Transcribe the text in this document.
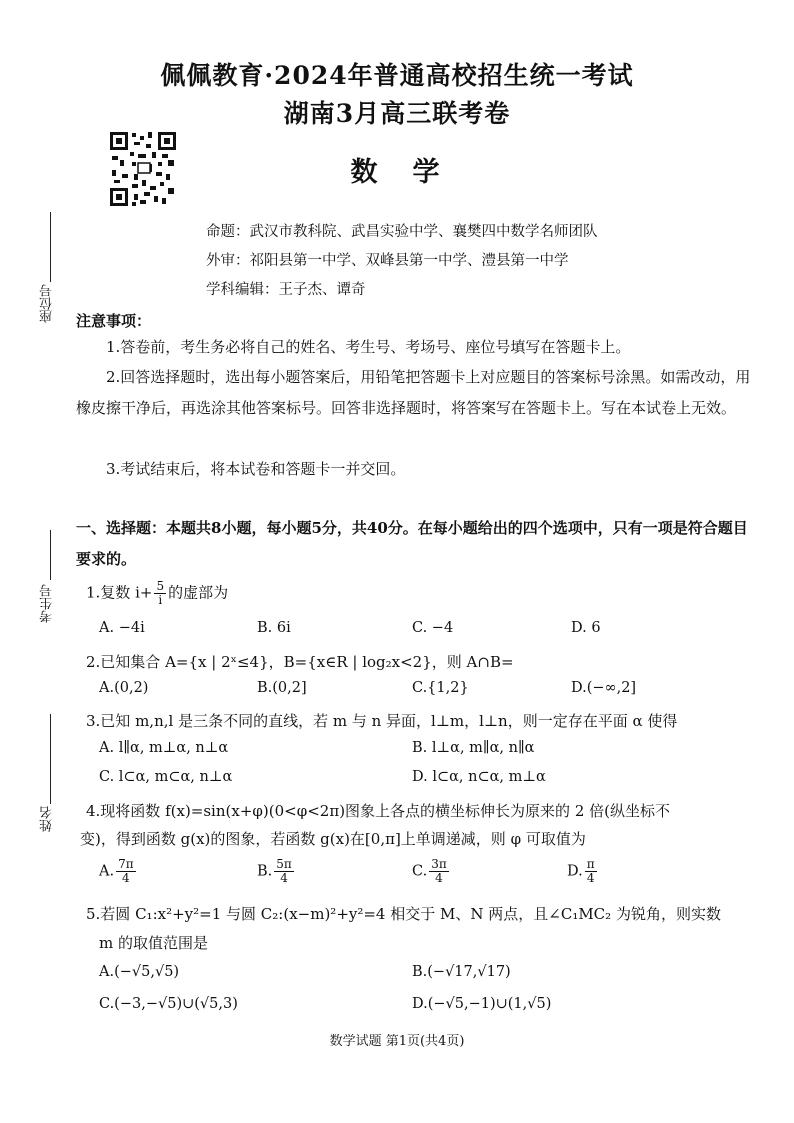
佩佩教育·2024年普通高校招生统一考试
湖南3月高三联考卷
数　学
命题：武汉市教科院、武昌实验中学、襄樊四中数学名师团队
外审：祁阳县第一中学、双峰县第一中学、澧县第一中学
学科编辑：王子杰、谭奇
座位号
考生号
姓名
注意事项：
1.答卷前，考生务必将自己的姓名、考生号、考场号、座位号填写在答题卡上。
2.回答选择题时，选出每小题答案后，用铅笔把答题卡上对应题目的答案标号涂黑。如需改动，用橡皮擦干净后，再选涂其他答案标号。回答非选择题时，将答案写在答题卡上。写在本试卷上无效。
3.考试结束后，将本试卷和答题卡一并交回。
一、选择题：本题共8小题，每小题5分，共40分。在每小题给出的四个选项中，只有一项是符合题目要求的。
1.复数 $i+ \frac{5}{i}$ 的虚部为
A. −4i	B. 6i	C. −4	D. 6
2.已知集合 A={x | 2ˣ≤4}，B={x∈R | log₂x<2}，则 A∩B=
A.(0,2)	B.(0,2]	C.{1,2}	D.(−∞,2]
3.已知 m,n,l 是三条不同的直线，若 m 与 n 异面，l⊥m，l⊥n，则一定存在平面 α 使得
A. l∥α, m⊥α, n⊥α	B. l⊥α, m∥α, n∥α
C. l⊂α, m⊂α, n⊥α	D. l⊂α, n⊂α, m⊥α
4.现将函数 f(x)=sin(x+φ)(0<φ<2π)图象上各点的横坐标伸长为原来的 2 倍(纵坐标不
变)，得到函数 g(x)的图象，若函数 g(x)在[0,π]上单调递减，则 φ 可取值为
A. $\frac{7\pi}{4}$	B. $\frac{5\pi}{4}$	C. $\frac{3\pi}{4}$	D. $\frac{\pi}{4}$
5.若圆 C₁:x²+y²=1 与圆 C₂:(x−m)²+y²=4 相交于 M、N 两点，且∠C₁MC₂ 为锐角，则实数
m 的取值范围是
A.(−√5,√5)	B.(−√17,√17)
C.(−3,−√5)∪(√5,3)	D.(−√5,−1)∪(1,√5)
数学试题 第1页(共4页)
